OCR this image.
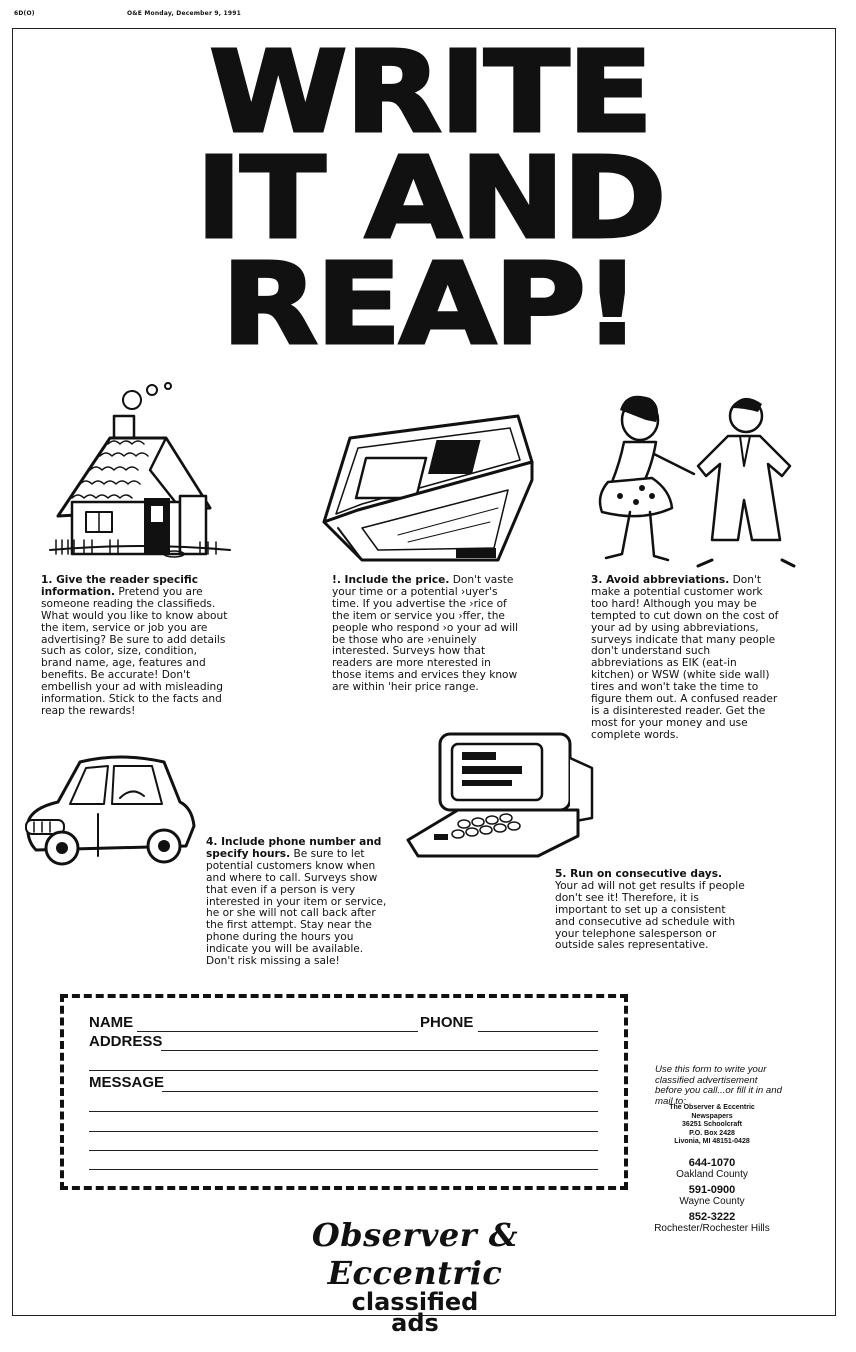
6D(O)	O&E Monday, December 9, 1991
WRITE
IT AND
REAP!
1. Give the reader specific information. Pretend you are someone reading the classifieds. What would you like to know about the item, service or job you are advertising? Be sure to add details such as color, size, condition, brand name, age, features and benefits. Be accurate! Don't embellish your ad with misleading information. Stick to the facts and reap the rewards!
!. Include the price. Don't vaste your time or a potential ›uyer's time. If you advertise the ›rice of the item or service you ›ffer, the people who respond ›o your ad will be those who are ›enuinely interested. Surveys how that readers are more nterested in those items and ervices they know are within 'heir price range.
3. Avoid abbreviations. Don't make a potential customer work too hard! Although you may be tempted to cut down on the cost of your ad by using abbreviations, surveys indicate that many people don't understand such abbreviations as EIK (eat-in kitchen) or WSW (white side wall) tires and won't take the time to figure them out. A confused reader is a disinterested reader. Get the most for your money and use complete words.
4. Include phone number and specify hours. Be sure to let potential customers know when and where to call. Surveys show that even if a person is very interested in your item or service, he or she will not call back after the first attempt. Stay near the phone during the hours you indicate you will be available. Don't risk missing a sale!
5. Run on consecutive days. Your ad will not get results if people don't see it! Therefore, it is important to set up a consistent and consecutive ad schedule with your telephone salesperson or outside sales representative.
NAME	PHONE
ADDRESS
MESSAGE
Use this form to write your classified advertisement before you call...or fill it in and mail to:
The Observer & Eccentric
Newspapers
36251 Schoolcraft
P.O. Box 2428
Livonia, MI 48151-0428
644-1070
Oakland County
591-0900
Wayne County
852-3222
Rochester/Rochester Hills
Observer & Eccentric
classified
ads
